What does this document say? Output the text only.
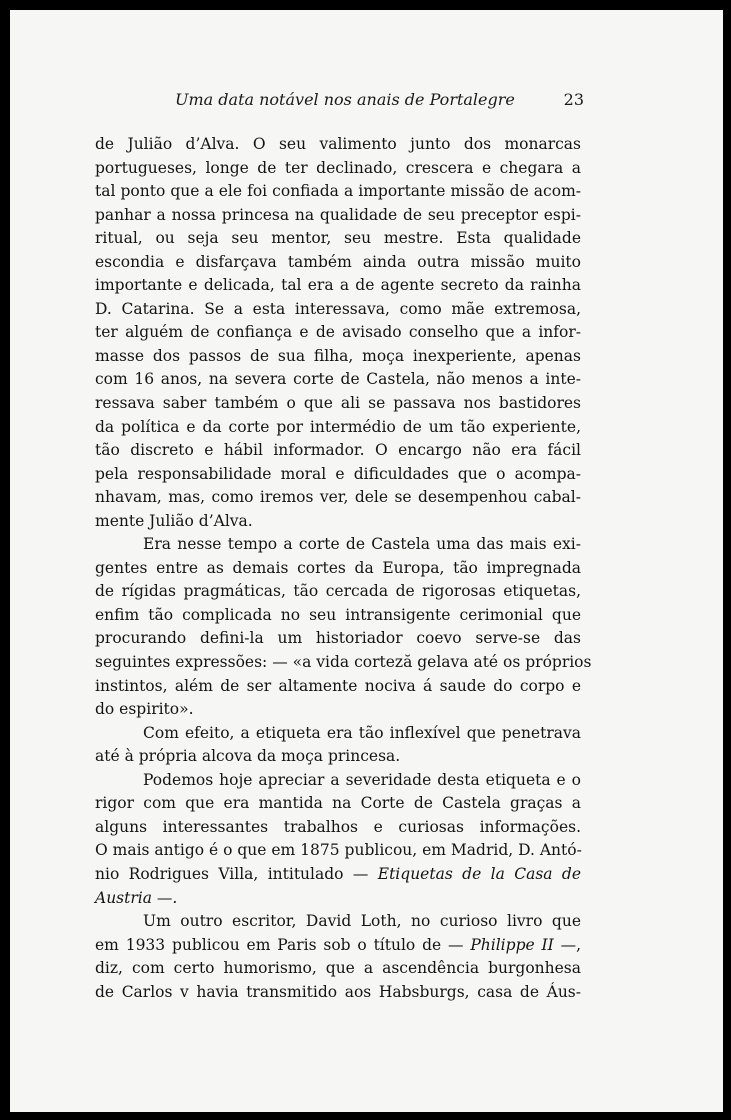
Uma data notável nos anais de Portalegre	23
de Julião d’Alva. O seu valimento junto dos monarcas
portugueses, longe de ter declinado, crescera e chegara a
tal ponto que a ele foi confiada a importante missão de acom-
panhar a nossa princesa na qualidade de seu preceptor espi-
ritual, ou seja seu mentor, seu mestre. Esta qualidade
escondia e disfarçava também ainda outra missão muito
importante e delicada, tal era a de agente secreto da rainha
D. Catarina. Se a esta interessava, como mãe extremosa,
ter alguém de confiança e de avisado conselho que a infor-
masse dos passos de sua filha, moça inexperiente, apenas
com 16 anos, na severa corte de Castela, não menos a inte-
ressava saber também o que ali se passava nos bastidores
da política e da corte por intermédio de um tão experiente,
tão discreto e hábil informador. O encargo não era fácil
pela responsabilidade moral e dificuldades que o acompa-
nhavam, mas, como iremos ver, dele se desempenhou cabal-
mente Julião d’Alva.
Era nesse tempo a corte de Castela uma das mais exi-
gentes entre as demais cortes da Europa, tão impregnada
de rígidas pragmáticas, tão cercada de rigorosas etiquetas,
enfim tão complicada no seu intransigente cerimonial que
procurando defini-la um historiador coevo serve-se das
seguintes expressões: — «a vida corteză gelava até os próprios
instintos, além de ser altamente nociva á saude do corpo e
do espirito».
Com efeito, a etiqueta era tão inflexível que penetrava
até à própria alcova da moça princesa.
Podemos hoje apreciar a severidade desta etiqueta e o
rigor com que era mantida na Corte de Castela graças a
alguns interessantes trabalhos e curiosas informações.
O mais antigo é o que em 1875 publicou, em Madrid, D. Antó-
nio Rodrigues Villa, intitulado — Etiquetas de la Casa de
Austria —.
Um outro escritor, David Loth, no curioso livro que
em 1933 publicou em Paris sob o título de — Philippe II —,
diz, com certo humorismo, que a ascendência burgonhesa
de Carlos v havia transmitido aos Habsburgs, casa de Áus-
